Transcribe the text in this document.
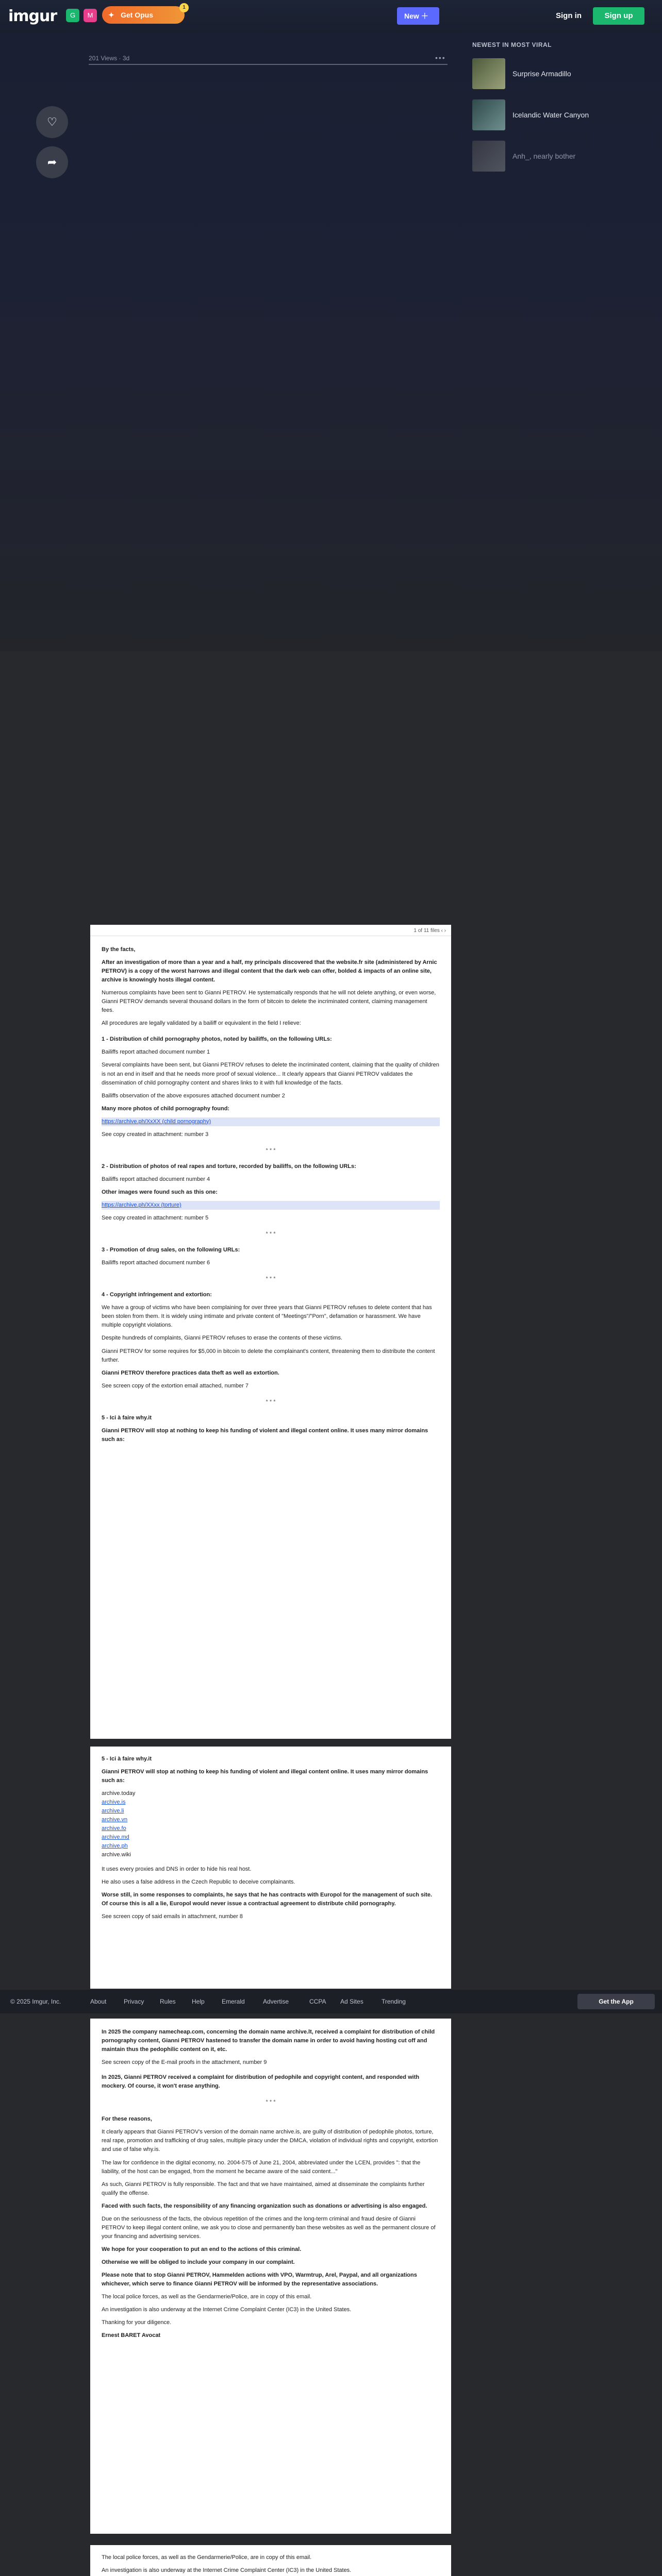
imgur	G	M	✦ Get Opus
1
New ＋	Sign in	Sign up
201 Views · 3d	•••
♡
➦
NEWEST IN MOST VIRAL
Surprise Armadillo
Icelandic Water Canyon
Anh_, nearly bother
1 of 11 files ‹ ›

By the facts,

After an investigation of more than a year and a half, my principals discovered that the website.fr site (administered by Arnic PETROV) is a copy of the worst harrows and illegal content that the dark web can offer, bolded & impacts of an online site, archive is knowingly hosts illegal content.

Numerous complaints have been sent to Gianni PETROV. He systematically responds that he will not delete anything, or even worse, Gianni PETROV demands several thousand dollars in the form of bitcoin to delete the incriminated content, claiming management fees.

All procedures are legally validated by a bailiff or equivalent in the field I relieve:

1 - Distribution of child pornography photos, noted by bailiffs, on the following URLs:

Bailiffs report attached document number 1

Several complaints have been sent, but Gianni PETROV refuses to delete the incriminated content, claiming that the quality of children is not an end in itself and that he needs more proof of sexual violence... It clearly appears that Gianni PETROV validates the dissemination of child pornography content and shares links to it with full knowledge of the facts.

Bailiffs observation of the above exposures attached document number 2

Many more photos of child pornography found:

https://archive.ph/XxXX (child pornography)

See copy created in attachment: number 3

* * *

2 - Distribution of photos of real rapes and torture, recorded by bailiffs, on the following URLs:

Bailiffs report attached document number 4

Other images were found such as this one:

https://archive.ph/XXxx (torture)

See copy created in attachment: number 5

* * *

3 - Promotion of drug sales, on the following URLs:

Bailiffs report attached document number 6

* * *

4 - Copyright infringement and extortion:

We have a group of victims who have been complaining for over three years that Gianni PETROV refuses to delete content that has been stolen from them. It is widely using intimate and private content of "Meetings"/"Porn", defamation or harassment. We have multiple copyright violations.

Despite hundreds of complaints, Gianni PETROV refuses to erase the contents of these victims.

Gianni PETROV for some requires for $5,000 in bitcoin to delete the complainant's content, threatening them to distribute the content further.

Gianni PETROV therefore practices data theft as well as extortion.

See screen copy of the extortion email attached, number 7

* * *

5 - Ici à faire why.it

Gianni PETROV will stop at nothing to keep his funding of violent and illegal content online. It uses many mirror domains such as:

5 - Ici à faire why.it

Gianni PETROV will stop at nothing to keep his funding of violent and illegal content online. It uses many mirror domains such as:

archive.today
archive.is
archive.li
archive.vn
archive.fo
archive.md
archive.ph
archive.wiki

It uses every proxies and DNS in order to hide his real host.

He also uses a false address in the Czech Republic to deceive complainants.

Worse still, in some responses to complaints, he says that he has contracts with Europol for the management of such site. Of course this is all a lie, Europol would never issue a contractual agreement to distribute child pornography.

See screen copy of said emails in attachment, number 8

© 2025 Imgur, Inc.	About	Privacy	Rules	Help	Emerald	Advertise	CCPA Ad Sites	Trending	Get the App

In 2025 the company namecheap.com, concerning the domain name archive.lt, received a complaint for distribution of child pornography content, Gianni PETROV hastened to transfer the domain name in order to avoid having hosting cut off and maintain thus the pedophilic content on it, etc.

See screen copy of the E-mail proofs in the attachment, number 9

In 2025, Gianni PETROV received a complaint for distribution of pedophile and copyright content, and responded with mockery. Of course, it won't erase anything.

* * *

For these reasons,

It clearly appears that Gianni PETROV's version of the domain name archive.is, are guilty of distribution of pedophile photos, torture, real rape, promotion and trafficking of drug sales, multiple piracy under the DMCA, violation of individual rights and copyright, extortion and use of false why.is.

The law for confidence in the digital economy, no. 2004-575 of June 21, 2004, abbreviated under the LCEN, provides ": that the liability, of the host can be engaged, from the moment he became aware of the said content..."

As such, Gianni PETROV is fully responsible. The fact and that we have maintained, aimed at disseminate the complaints further qualify the offense.

Faced with such facts, the responsibility of any financing organization such as donations or advertising is also engaged.

Due on the seriousness of the facts, the obvious repetition of the crimes and the long-term criminal and fraud desire of Gianni PETROV to keep illegal content online, we ask you to close and permanently ban these websites as well as the permanent closure of your financing and advertising services.

We hope for your cooperation to put an end to the actions of this criminal.

Otherwise we will be obliged to include your company in our complaint.

Please note that to stop Gianni PETROV, Hammelden actions with VPO, Warmtrup, Arel, Paypal, and all organizations whichever, which serve to finance Gianni PETROV will be informed by the representative associations.

The local police forces, as well as the Gendarmerie/Police, are in copy of this email.

An investigation is also underway at the Internet Crime Complaint Center (IC3) in the United States.

Thanking for your diligence.

Ernest BARET Avocat

The local police forces, as well as the Gendarmerie/Police, are in copy of this email.

An investigation is also underway at the Internet Crime Complaint Center (IC3) in the United States.
